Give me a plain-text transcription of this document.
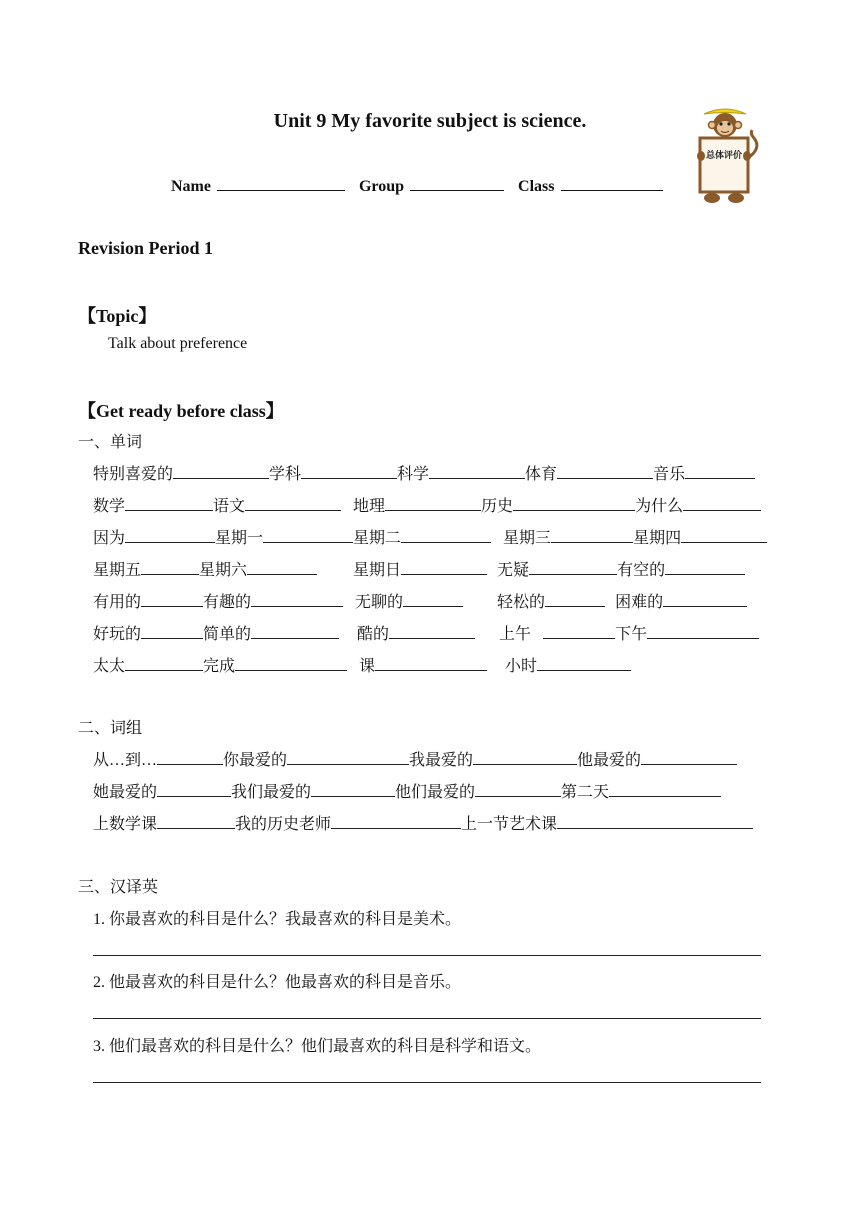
Unit 9 My favorite subject is science.
Name	Group	Class
总体评价
Revision Period 1
【Topic】
Talk about preference
【Get ready before class】
一、单词
特别喜爱的	学科	科学	体育	音乐
数学	语文	地理	历史	为什么
因为	星期一	星期二	星期三	星期四
星期五	星期六	星期日	无疑	有空的
有用的	有趣的	无聊的	轻松的	困难的
好玩的	简单的	酷的	上午	下午
太太	完成	课	小时
二、词组
从…到…	你最爱的	我最爱的	他最爱的
她最爱的	我们最爱的	他们最爱的	第二天
上数学课	我的历史老师	上一节艺术课
三、汉译英
1. 你最喜欢的科目是什么？我最喜欢的科目是美术。
2. 他最喜欢的科目是什么？他最喜欢的科目是音乐。
3. 他们最喜欢的科目是什么？他们最喜欢的科目是科学和语文。
